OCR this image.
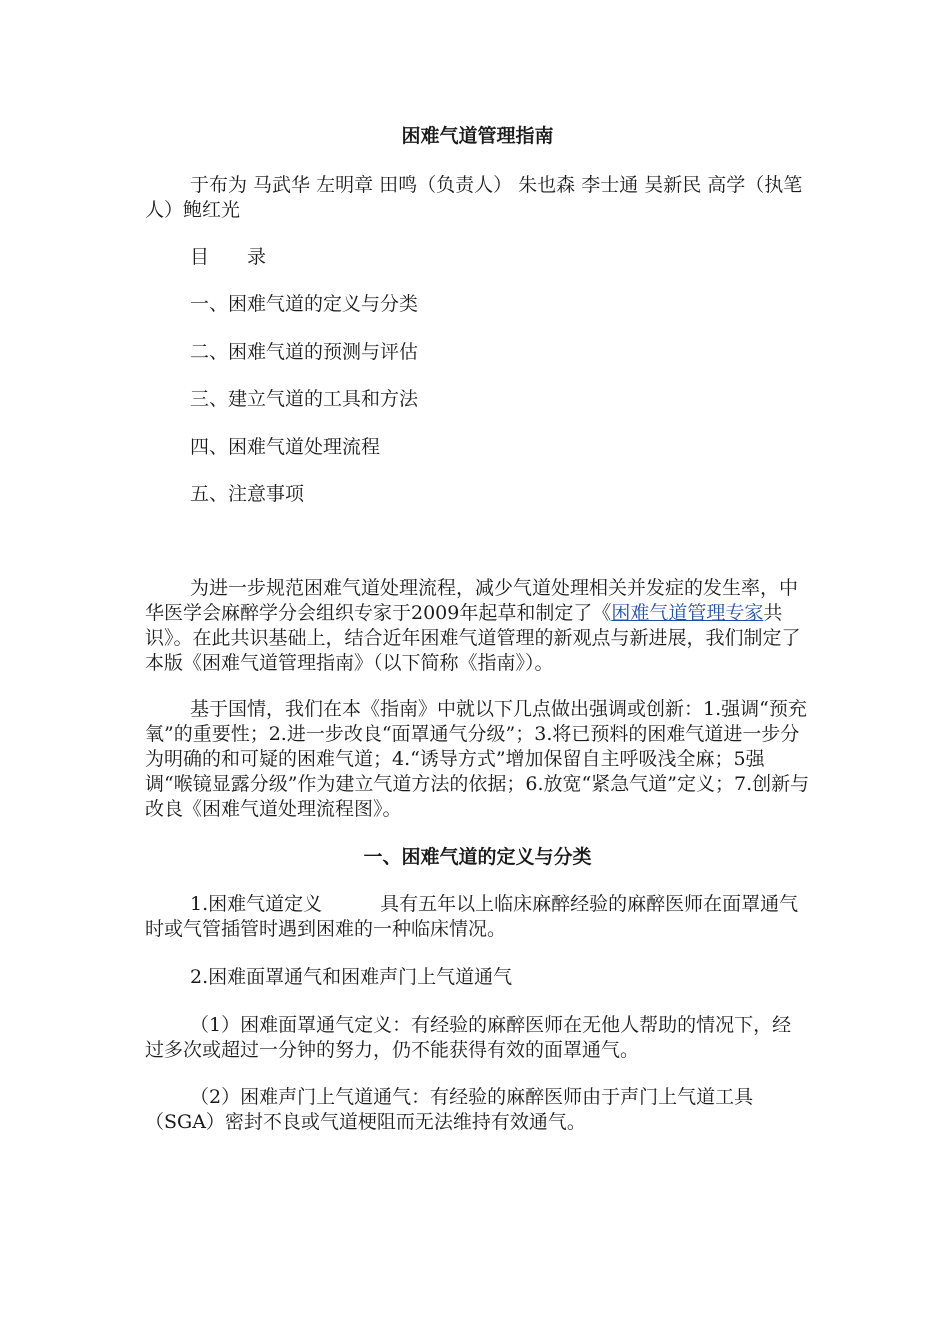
困难气道管理指南

于布为 马武华 左明章 田鸣（负责人） 朱也森 李士通 吴新民 高学（执笔人）鲍红光

目　　录

一、困难气道的定义与分类

二、困难气道的预测与评估

三、建立气道的工具和方法

四、困难气道处理流程

五、注意事项

为进一步规范困难气道处理流程，减少气道处理相关并发症的发生率，中华医学会麻醉学分会组织专家于2009年起草和制定了《困难气道管理专家共识》。在此共识基础上，结合近年困难气道管理的新观点与新进展，我们制定了本版《困难气道管理指南》（以下简称《指南》）。

基于国情，我们在本《指南》中就以下几点做出强调或创新：1.强调“预充氧”的重要性；2.进一步改良“面罩通气分级”；3.将已预料的困难气道进一步分为明确的和可疑的困难气道；4.“诱导方式”增加保留自主呼吸浅全麻；5强调“喉镜显露分级”作为建立气道方法的依据；6.放宽“紧急气道”定义；7.创新与改良《困难气道处理流程图》。

一、困难气道的定义与分类

1.困难气道定义	具有五年以上临床麻醉经验的麻醉医师在面罩通气时或气管插管时遇到困难的一种临床情况。

2.困难面罩通气和困难声门上气道通气

（1）困难面罩通气定义：有经验的麻醉医师在无他人帮助的情况下，经过多次或超过一分钟的努力，仍不能获得有效的面罩通气。

（2）困难声门上气道通气：有经验的麻醉医师由于声门上气道工具（SGA）密封不良或气道梗阻而无法维持有效通气。
